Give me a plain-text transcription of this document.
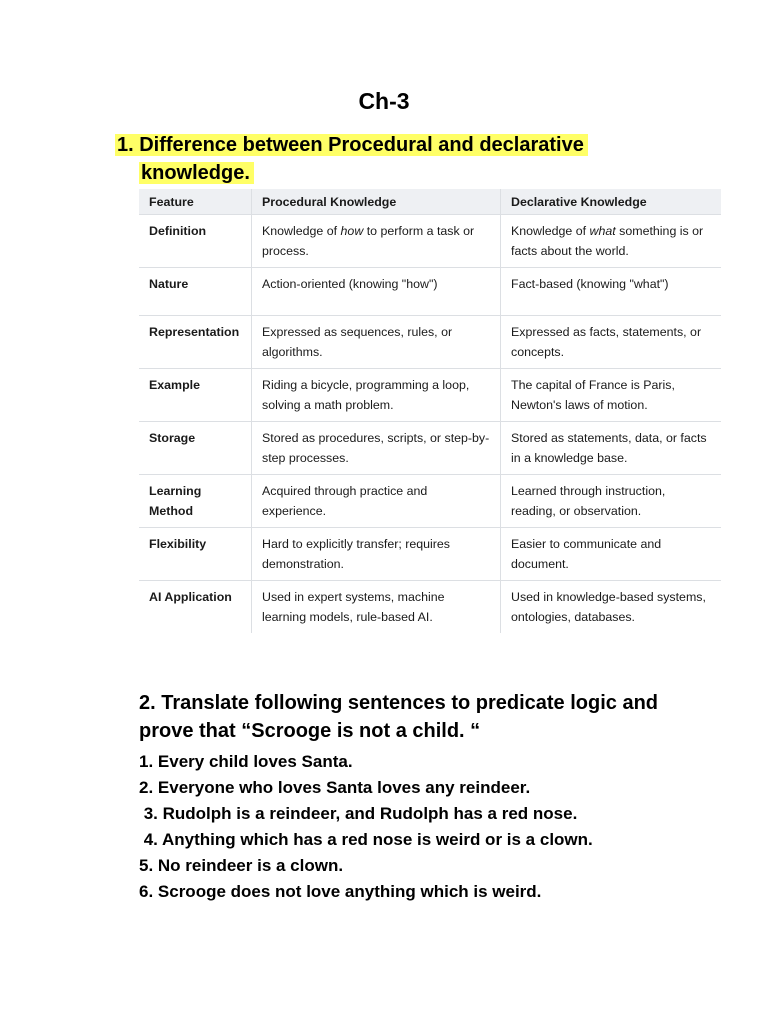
Ch-3
1. Difference between Procedural and declarative
knowledge.
Feature	Procedural Knowledge	Declarative Knowledge
Definition	Knowledge of how to perform a task or process.	Knowledge of what something is or facts about the world.
Nature	Action-oriented (knowing "how")	Fact-based (knowing "what")
Representation	Expressed as sequences, rules, or algorithms.	Expressed as facts, statements, or concepts.
Example	Riding a bicycle, programming a loop, solving a math problem.	The capital of France is Paris, Newton's laws of motion.
Storage	Stored as procedures, scripts, or step-by-step processes.	Stored as statements, data, or facts in a knowledge base.
Learning Method	Acquired through practice and experience.	Learned through instruction, reading, or observation.
Flexibility	Hard to explicitly transfer; requires demonstration.	Easier to communicate and document.
AI Application	Used in expert systems, machine learning models, rule-based AI.	Used in knowledge-based systems, ontologies, databases.
2. Translate following sentences to predicate logic and prove that “Scrooge is not a child. “
1. Every child loves Santa.
2. Everyone who loves Santa loves any reindeer.
3. Rudolph is a reindeer, and Rudolph has a red nose.
4. Anything which has a red nose is weird or is a clown.
5. No reindeer is a clown.
6. Scrooge does not love anything which is weird.
